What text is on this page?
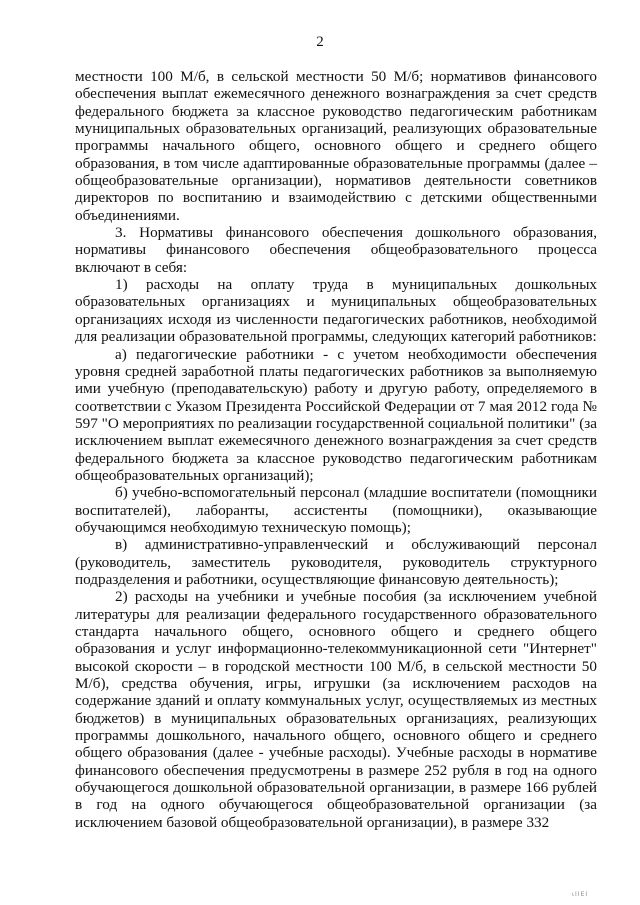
2

местности 100 М/б, в сельской местности 50 М/б; нормативов финансового обеспечения выплат ежемесячного денежного вознаграждения за счет средств федерального бюджета за классное руководство педагогическим работникам муниципальных образовательных организаций, реализующих образовательные программы начального общего, основного общего и среднего общего образования, в том числе адаптированные образовательные программы (далее – общеобразовательные организации), нормативов деятельности советников директоров по воспитанию и взаимодействию с детскими общественными объединениями.

3. Нормативы финансового обеспечения дошкольного образования, нормативы финансового обеспечения общеобразовательного процесса включают в себя:

1) расходы на оплату труда в муниципальных дошкольных образовательных организациях и муниципальных общеобразовательных организациях исходя из численности педагогических работников, необходимой для реализации образовательной программы, следующих категорий работников:

а) педагогические работники - с учетом необходимости обеспечения уровня средней заработной платы педагогических работников за выполняемую ими учебную (преподавательскую) работу и другую работу, определяемого в соответствии с Указом Президента Российской Федерации от 7 мая 2012 года № 597 "О мероприятиях по реализации государственной социальной политики" (за исключением выплат ежемесячного денежного вознаграждения за счет средств федерального бюджета за классное руководство педагогическим работникам общеобразовательных организаций);

б) учебно-вспомогательный персонал (младшие воспитатели (помощники воспитателей), лаборанты, ассистенты (помощники), оказывающие обучающимся необходимую техническую помощь);

в) административно-управленческий и обслуживающий персонал (руководитель, заместитель руководителя, руководитель структурного подразделения и работники, осуществляющие финансовую деятельность);

2) расходы на учебники и учебные пособия (за исключением учебной литературы для реализации федерального государственного образовательного стандарта начального общего, основного общего и среднего общего образования и услуг информационно-телекоммуникационной сети "Интернет" высокой скорости – в городской местности 100 М/б, в сельской местности 50 М/б), средства обучения, игры, игрушки (за исключением расходов на содержание зданий и оплату коммунальных услуг, осуществляемых из местных бюджетов) в муниципальных образовательных организациях, реализующих программы дошкольного, начального общего, основного общего и среднего общего образования (далее - учебные расходы). Учебные расходы в нормативе финансового обеспечения предусмотрены в размере 252 рубля в год на одного обучающегося дошкольной образовательной организации, в размере 166 рублей в год на одного обучающегося общеобразовательной организации (за исключением базовой общеобразовательной организации), в размере 332

ιΙΙΕΙ
